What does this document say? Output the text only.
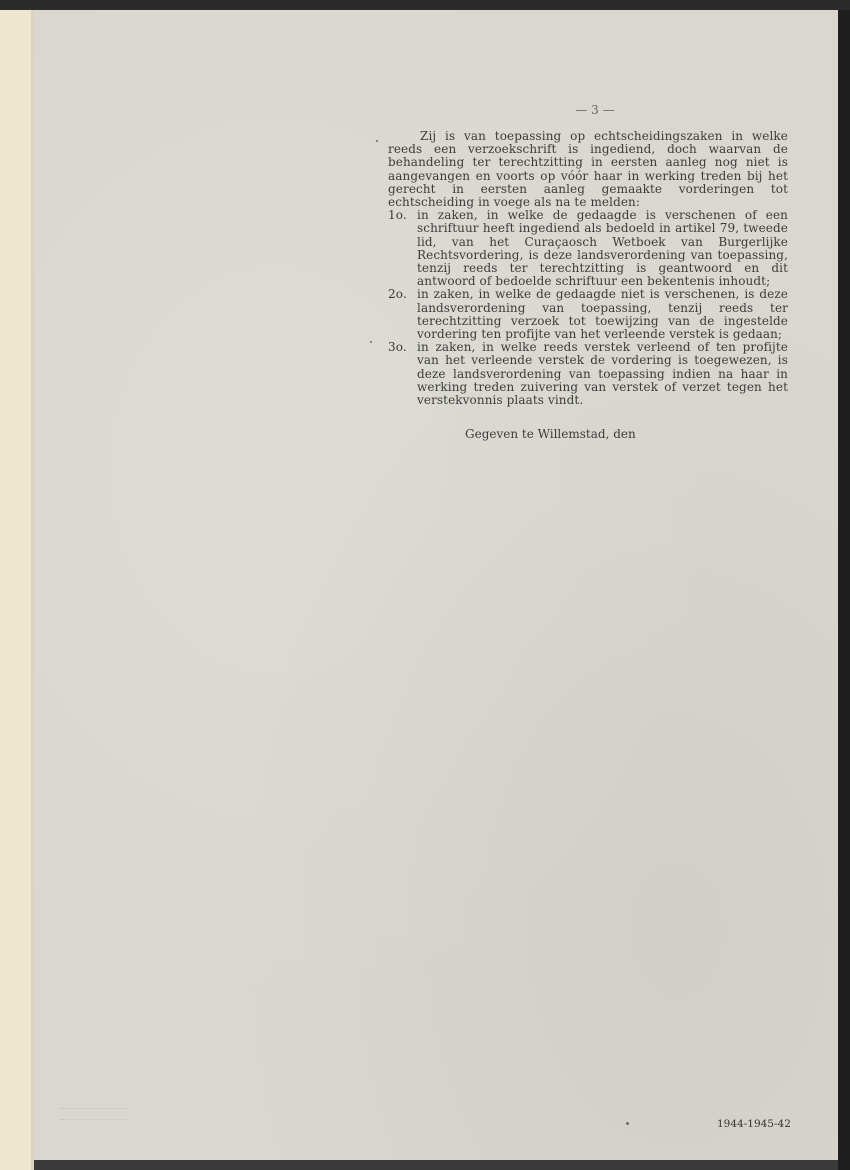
— 3 —

Zij is van toepassing op echtscheidingszaken in welke reeds een verzoekschrift is ingediend, doch waarvan de behandeling ter terechtzitting in eersten aanleg nog niet is aangevangen en voorts op vóór haar in werking treden bij het gerecht in eersten aanleg gemaakte vorderingen tot echtscheiding in voege als na te melden:

1o. in zaken, in welke de gedaagde is verschenen of een schriftuur heeft ingediend als bedoeld in artikel 79, tweede lid, van het Curaçaosch Wetboek van Burgerlijke Rechtsvordering, is deze landsverordening van toepassing, tenzij reeds ter terechtzitting is geantwoord en dit antwoord of bedoelde schriftuur een bekentenis inhoudt;
2o. in zaken, in welke de gedaagde niet is verschenen, is deze landsverordening van toepassing, tenzij reeds ter terechtzitting verzoek tot toewijzing van de ingestelde vordering ten profijte van het verleende verstek is gedaan;
3o. in zaken, in welke reeds verstek verleend of ten profijte van het verleende verstek de vordering is toegewezen, is deze landsverordening van toepassing indien na haar in werking treden zuivering van verstek of verzet tegen het verstekvonnis plaats vindt.
Gegeven te Willemstad, den
1944-1945-42
